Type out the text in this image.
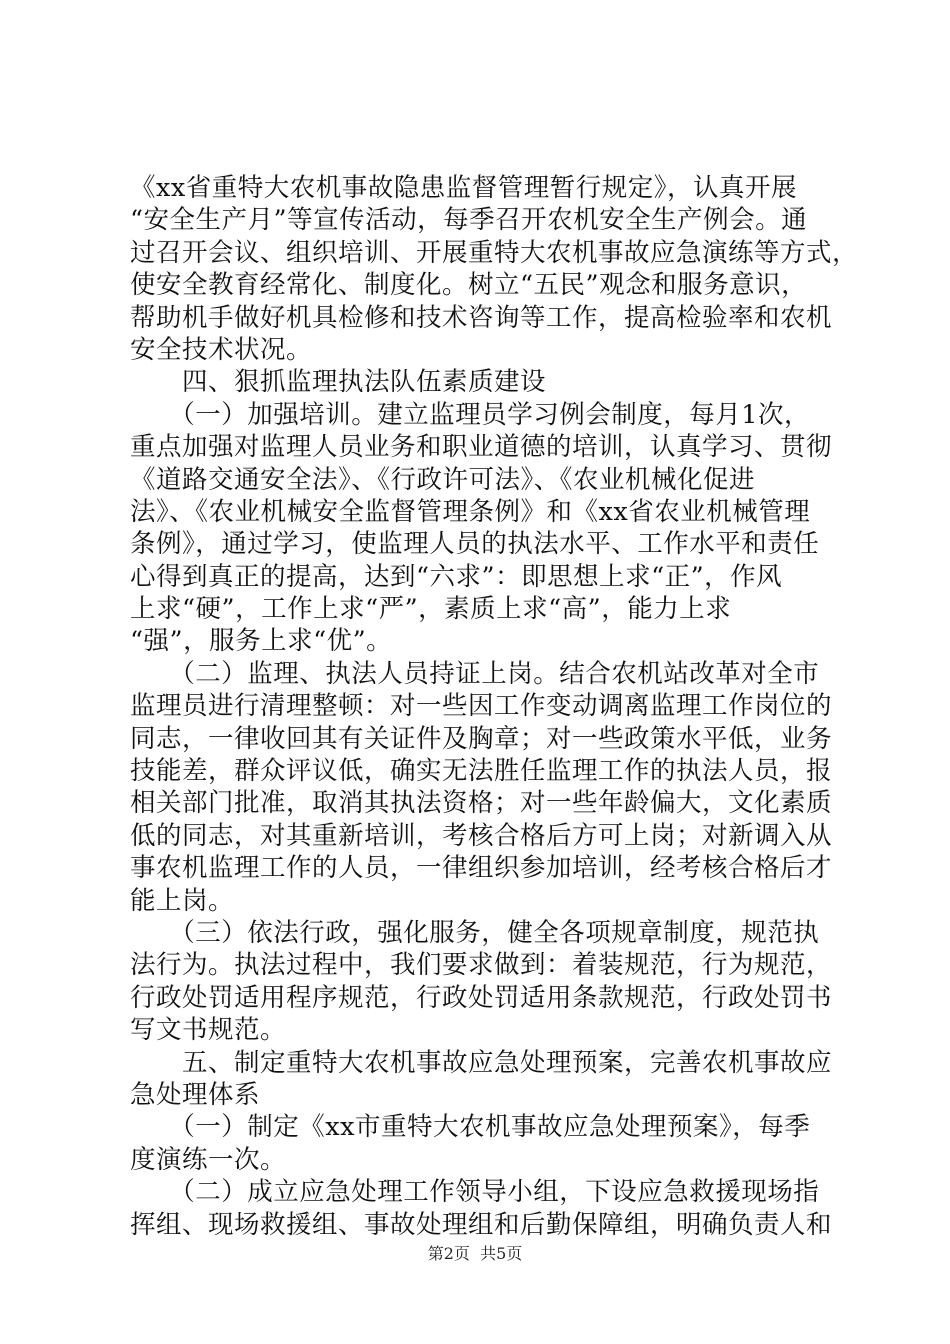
《xx省重特大农机事故隐患监督管理暂行规定》，认真开展
“安全生产月”等宣传活动，每季召开农机安全生产例会。通
过召开会议、组织培训、开展重特大农机事故应急演练等方式，
使安全教育经常化、制度化。树立“五民”观念和服务意识，
帮助机手做好机具检修和技术咨询等工作，提高检验率和农机
安全技术状况。
　　四、狠抓监理执法队伍素质建设
　　（一）加强培训。建立监理员学习例会制度，每月1次，
重点加强对监理人员业务和职业道德的培训，认真学习、贯彻
《道路交通安全法》、《行政许可法》、《农业机械化促进
法》、《农业机械安全监督管理条例》和《xx省农业机械管理
条例》，通过学习，使监理人员的执法水平、工作水平和责任
心得到真正的提高，达到“六求”：即思想上求“正”，作风
上求“硬”，工作上求“严”，素质上求“高”，能力上求
“强”，服务上求“优”。
　　（二）监理、执法人员持证上岗。结合农机站改革对全市
监理员进行清理整顿：对一些因工作变动调离监理工作岗位的
同志，一律收回其有关证件及胸章；对一些政策水平低，业务
技能差，群众评议低，确实无法胜任监理工作的执法人员，报
相关部门批准，取消其执法资格；对一些年龄偏大，文化素质
低的同志，对其重新培训，考核合格后方可上岗；对新调入从
事农机监理工作的人员，一律组织参加培训，经考核合格后才
能上岗。
　　（三）依法行政，强化服务，健全各项规章制度，规范执
法行为。执法过程中，我们要求做到：着装规范，行为规范，
行政处罚适用程序规范，行政处罚适用条款规范，行政处罚书
写文书规范。
　　五、制定重特大农机事故应急处理预案，完善农机事故应
急处理体系
　　（一）制定《xx市重特大农机事故应急处理预案》，每季
度演练一次。
　　（二）成立应急处理工作领导小组，下设应急救援现场指
挥组、现场救援组、事故处理组和后勤保障组，明确负责人和
第2页  共5页
